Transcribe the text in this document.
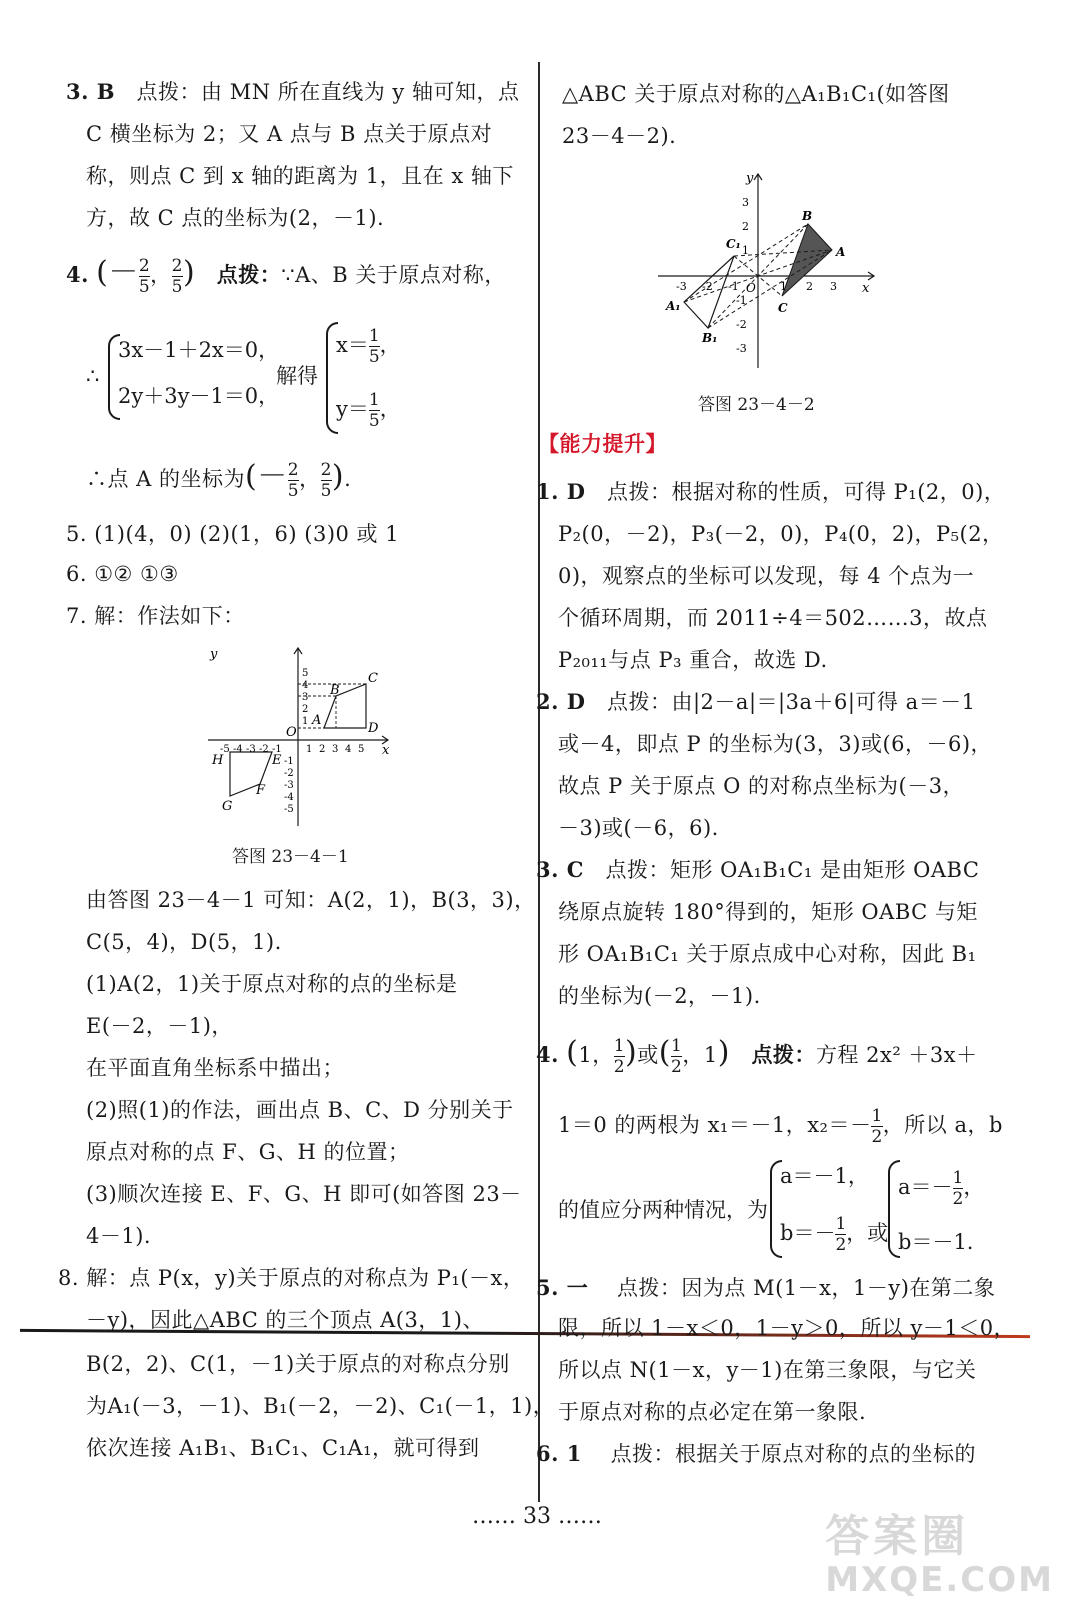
3. B 点拨：由 MN 所在直线为 y 轴可知，点
C 横坐标为 2；又 A 点与 B 点关于原点对
称，则点 C 到 x 轴的距离为 1，且在 x 轴下
方，故 C 点的坐标为(2，－1).
4. (－ $\frac{2}{5}$ ， $\frac{2}{5}$ ) 点拨：∵A、B 关于原点对称，
∴
3x－1＋2x＝0，
2y＋3y－1＝0，
解得
$x= \frac{1}{5}$ ，
$y= \frac{1}{5}$ ，
∴点 A 的坐标为(－ $\frac{2}{5}$ ， $\frac{2}{5}$ ).
5. (1)(4，0) (2)(1，6) (3)0 或 1
6. ①② ①③
7. 解：作法如下：
y
x
O
-5 -4 -3 -2 -1 1 2 3 4 5
5
4
3
2
1
-1
-2
-3
-4
-5
A
B
C
D
E
F
G
H
答图 23－4－1
由答图 23－4－1 可知：A(2，1)，B(3，3)，
C(5，4)，D(5，1).
(1)A(2，1)关于原点对称的点的坐标是
E(－2，－1)，
在平面直角坐标系中描出；
(2)照(1)的作法，画出点 B、C、D 分别关于
原点对称的点 F、G、H 的位置；
(3)顺次连接 E、F、G、H 即可(如答图 23－
4－1).
8. 解：点 P(x，y)关于原点的对称点为 P₁(－x，
－y)，因此△ABC 的三个顶点 A(3，1)、
B(2，2)、C(1，－1)关于原点的对称点分别
为A₁(－3，－1)、B₁(－2，－2)、C₁(－1，1)，
依次连接 A₁B₁、B₁C₁、C₁A₁，就可得到
△ABC 关于原点对称的△A₁B₁C₁(如答图
23－4－2).
y
x
O
-3 -2 -1	1 2 3
3
2
1
-1
-2
-3
A
B
C
A₁
B₁
C₁
答图 23－4－2
【能力提升】
1. D 点拨：根据对称的性质，可得 P₁(2，0)，
P₂(0，－2)，P₃(－2，0)，P₄(0，2)，P₅(2，
0)，观察点的坐标可以发现，每 4 个点为一
个循环周期，而 2011÷4＝502……3，故点
P₂₀₁₁与点 P₃ 重合，故选 D.
2. D 点拨：由|2－a|＝|3a＋6|可得 a＝－1
或－4，即点 P 的坐标为(3，3)或(6，－6)，
故点 P 关于原点 O 的对称点坐标为(－3，
－3)或(－6，6).
3. C 点拨：矩形 OA₁B₁C₁ 是由矩形 OABC
绕原点旋转 180°得到的，矩形 OABC 与矩
形 OA₁B₁C₁ 关于原点成中心对称，因此 B₁
的坐标为(－2，－1).
4. (1， $\frac{1}{2}$ )或( $\frac{1}{2}$ ，1) 点拨：方程 2x² ＋3x＋
1＝0 的两根为 x₁＝－1，$x_2=- \frac{1}{2}$ ，所以 a，b
的值应分两种情况，为
a＝－1，
$b=- \frac{1}{2}$ ，或
$a=- \frac{1}{2}$ ，
b＝－1.
5. 一 点拨：因为点 M(1－x，1－y)在第二象
限，所以 1－x＜0，1－y＞0，所以 y－1＜0，
所以点 N(1－x，y－1)在第三象限，与它关
于原点对称的点必定在第一象限.
6. 1 点拨：根据关于原点对称的点的坐标的
…… 33 ……	答案圈
MXQE.COM
